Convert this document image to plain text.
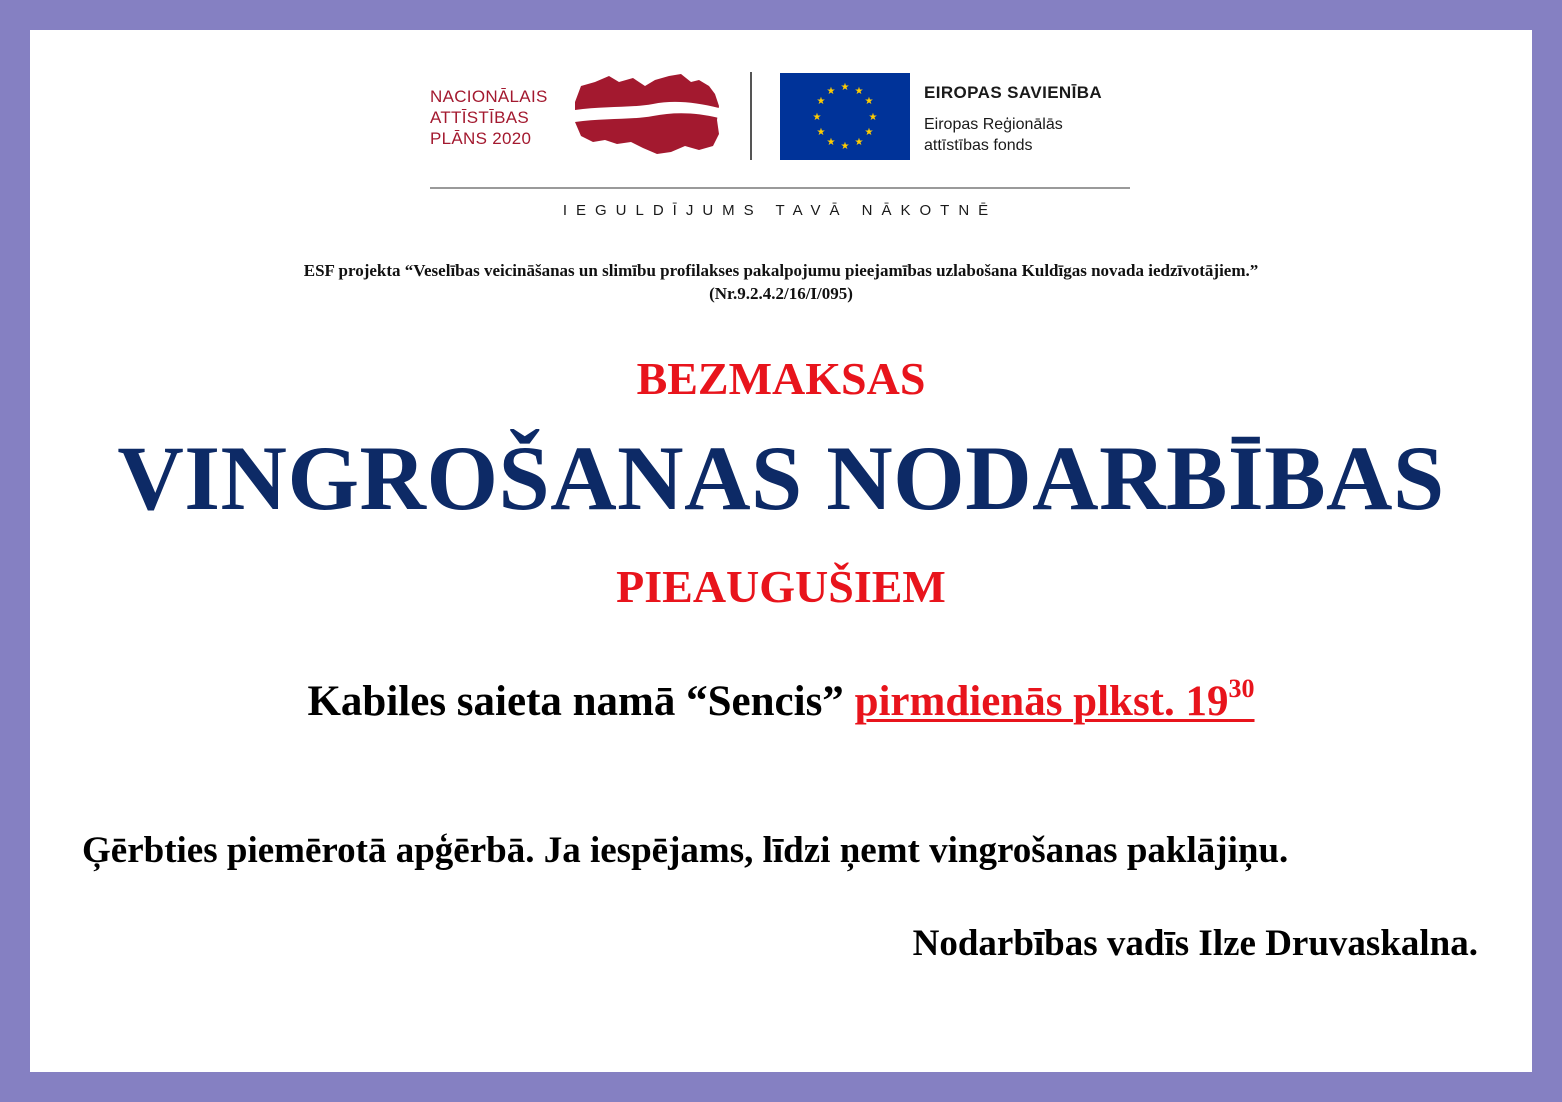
NACIONĀLAIS
ATTĪSTĪBAS
PLĀNS 2020
★ ★
★
★
★
★
★
★
★
★
★
★	EIROPAS SAVIENĪBA
Eiropas Reģionālās
attīstības fonds
IEGULDĪJUMS TAVĀ NĀKOTNĒ
ESF projekta “Veselības veicināšanas un slimību profilakses pakalpojumu pieejamības uzlabošana Kuldīgas novada iedzīvotājiem.”
(Nr.9.2.4.2/16/I/095)
BEZMAKSAS
VINGROŠANAS NODARBĪBAS
PIEAUGUŠIEM
Kabiles saieta namā “Sencis” pirmdienās plkst. $19^{30}$
Ģērbties piemērotā apģērbā. Ja iespējams, līdzi ņemt vingrošanas paklājiņu.
Nodarbības vadīs Ilze Druvaskalna.
